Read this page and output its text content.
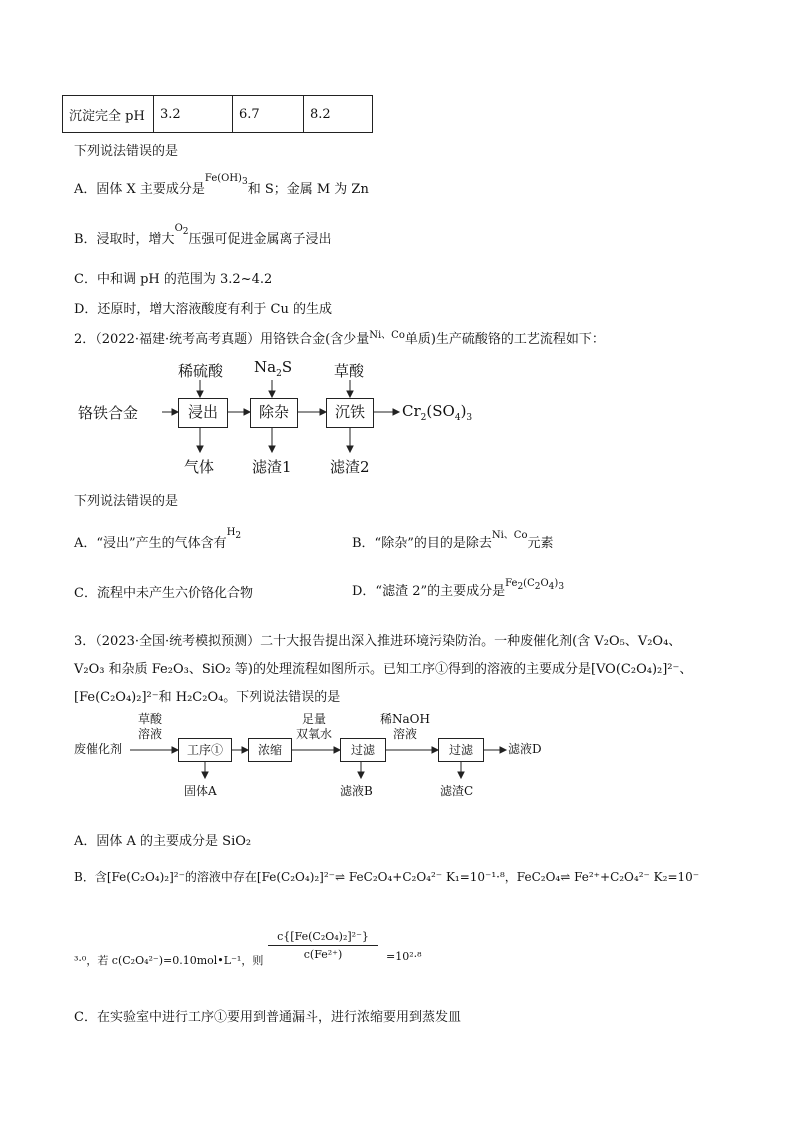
沉淀完全 pH	3.2	6.7	8.2
下列说法错误的是
A．固体 X 主要成分是$^{Fe(OH)_3}$和 S；金属 M 为 Zn
B．浸取时，增大$^{O_2}$压强可促进金属离子浸出
C．中和调 pH 的范围为 3.2~4.2
D．还原时，增大溶液酸度有利于 Cu 的生成
2．（2022·福建·统考高考真题）用铬铁合金(含少量$^{Ni、Co}$单质)生产硫酸铬的工艺流程如下：
铬铁合金
稀硫酸 $Na_2S$	草酸
浸出	除杂	沉铁	$Cr_2(SO_4)_3$
气体	滤渣1	滤渣2
下列说法错误的是
A．“浸出”产生的气体含有$^{H_2}$	B．“除杂”的目的是除去$^{Ni、Co}$元素
C．流程中未产生六价铬化合物	D．“滤渣 2”的主要成分是$^{Fe_2(C_2O_4)_3}$
3．（2023·全国·统考模拟预测）二十大报告提出深入推进环境污染防治。一种废催化剂(含 V₂O₅、V₂O₄、
V₂O₃ 和杂质 Fe₂O₃、SiO₂ 等)的处理流程如图所示。已知工序①得到的溶液的主要成分是[VO(C₂O₄)₂]²⁻、
[Fe(C₂O₄)₂]²⁻和 H₂C₂O₄。下列说法错误的是
废催化剂
草酸
溶液
工序①	浓缩
足量
双氧水
过滤
稀NaOH
溶液
过滤	滤液D
固体A	滤液B	滤渣C
A．固体 A 的主要成分是 SiO₂
B．含[Fe(C₂O₄)₂]²⁻的溶液中存在[Fe(C₂O₄)₂]²⁻⇌ FeC₂O₄+C₂O₄²⁻ K₁=10⁻¹·⁸，FeC₂O₄⇌ Fe²⁺+C₂O₄²⁻ K₂=10⁻
³·⁰，若 c(C₂O₄²⁻)=0.10mol•L⁻¹，则 $\frac{\text{c\{[Fe(C₂O₄)₂]²⁻\}}}{\text{c(Fe²⁺)}} =10^2\cdot^8$
C．在实验室中进行工序①要用到普通漏斗，进行浓缩要用到蒸发皿
